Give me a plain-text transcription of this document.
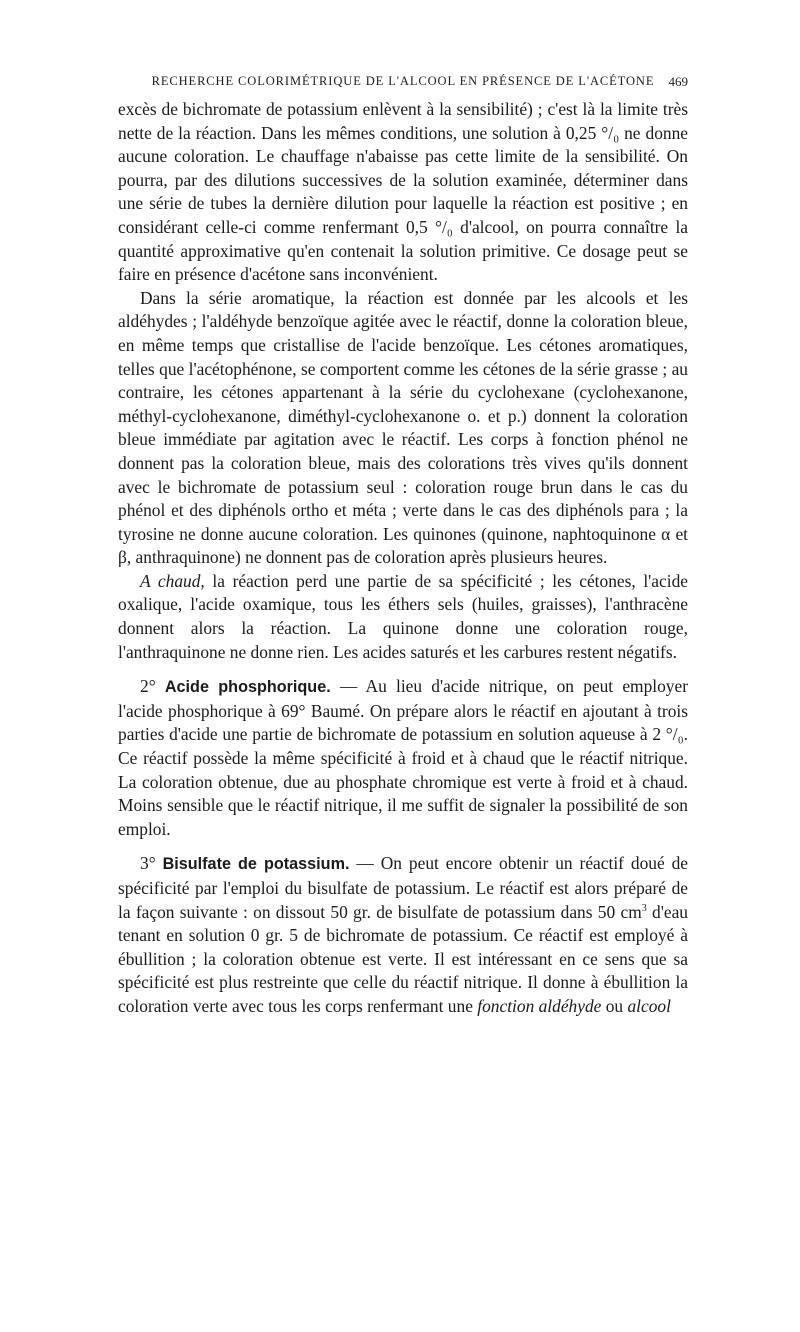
RECHERCHE COLORIMÉTRIQUE DE L'ALCOOL EN PRÉSENCE DE L'ACÉTONE	469

excès de bichromate de potassium enlèvent à la sensibilité) ; c'est là la limite très nette de la réaction. Dans les mêmes conditions, une solution à 0,25 °/₀ ne donne aucune coloration. Le chauffage n'abaisse pas cette limite de la sensibilité. On pourra, par des dilutions successives de la solution examinée, déterminer dans une série de tubes la dernière dilution pour laquelle la réaction est positive ; en considérant celle-ci comme renfermant 0,5 °/₀ d'alcool, on pourra connaître la quantité approximative qu'en contenait la solution primitive. Ce dosage peut se faire en présence d'acétone sans inconvénient.

Dans la série aromatique, la réaction est donnée par les alcools et les aldéhydes ; l'aldéhyde benzoïque agitée avec le réactif, donne la coloration bleue, en même temps que cristallise de l'acide benzoïque. Les cétones aromatiques, telles que l'acétophénone, se comportent comme les cétones de la série grasse ; au contraire, les cétones appartenant à la série du cyclohexane (cyclohexanone, méthyl-cyclohexanone, diméthyl-cyclohexanone o. et p.) donnent la coloration bleue immédiate par agitation avec le réactif. Les corps à fonction phénol ne donnent pas la coloration bleue, mais des colorations très vives qu'ils donnent avec le bichromate de potassium seul : coloration rouge brun dans le cas du phénol et des diphénols ortho et méta ; verte dans le cas des diphénols para ; la tyrosine ne donne aucune coloration. Les quinones (quinone, naphtoquinone α et β, anthraquinone) ne donnent pas de coloration après plusieurs heures.

A chaud, la réaction perd une partie de sa spécificité ; les cétones, l'acide oxalique, l'acide oxamique, tous les éthers sels (huiles, graisses), l'anthracène donnent alors la réaction. La quinone donne une coloration rouge, l'anthraquinone ne donne rien. Les acides saturés et les carbures restent négatifs.

2° Acide phosphorique. — Au lieu d'acide nitrique, on peut employer l'acide phosphorique à 69° Baumé. On prépare alors le réactif en ajoutant à trois parties d'acide une partie de bichromate de potassium en solution aqueuse à 2 °/₀. Ce réactif possède la même spécificité à froid et à chaud que le réactif nitrique. La coloration obtenue, due au phosphate chromique est verte à froid et à chaud. Moins sensible que le réactif nitrique, il me suffit de signaler la possibilité de son emploi.

3° Bisulfate de potassium. — On peut encore obtenir un réactif doué de spécificité par l'emploi du bisulfate de potassium. Le réactif est alors préparé de la façon suivante : on dissout 50 gr. de bisulfate de potassium dans 50 $cm^3$ d'eau tenant en solution 0 gr. 5 de bichromate de potassium. Ce réactif est employé à ébullition ; la coloration obtenue est verte. Il est intéressant en ce sens que sa spécificité est plus restreinte que celle du réactif nitrique. Il donne à ébullition la coloration verte avec tous les corps renfermant une fonction aldéhyde ou alcool
